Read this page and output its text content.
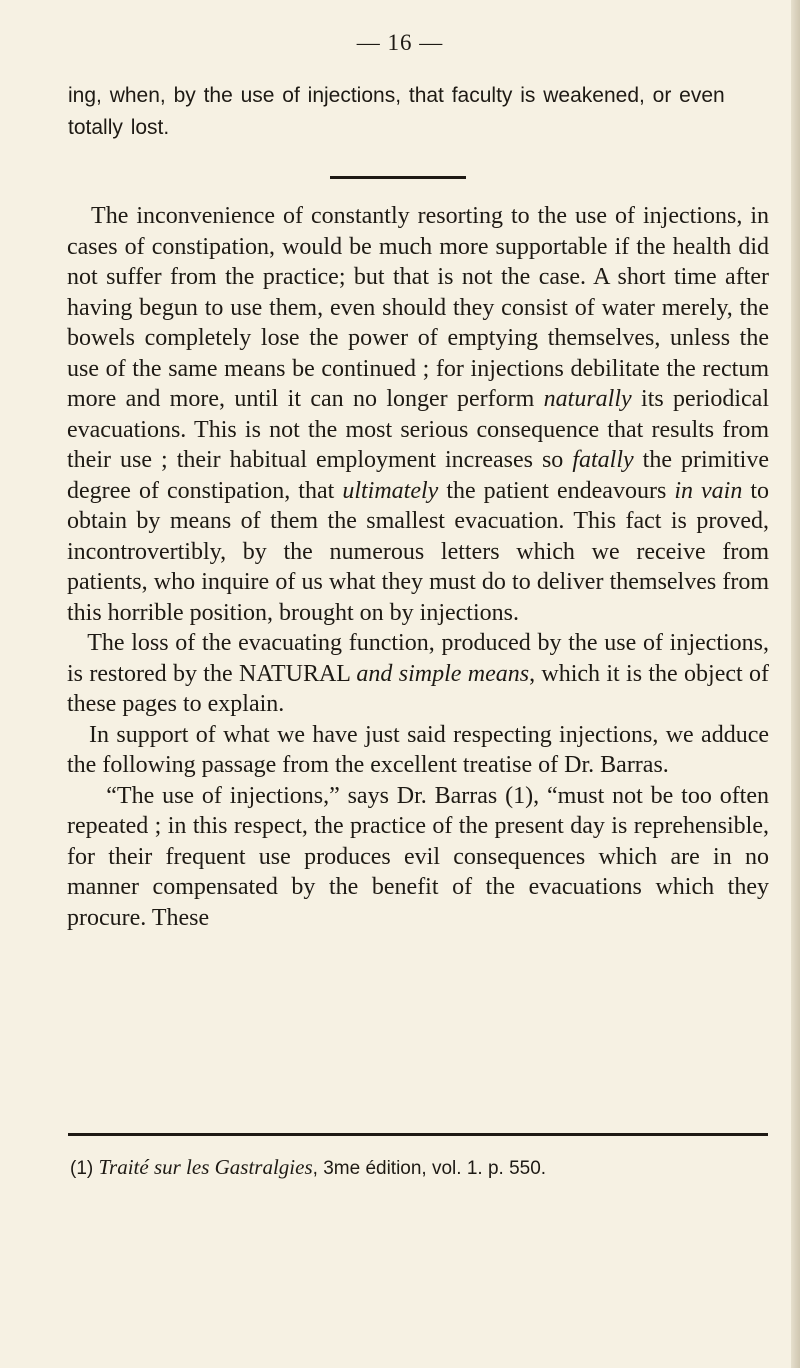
— 16 —
ing, when, by the use of injections, that faculty is weakened, or even totally lost.

The inconvenience of constantly resorting to the use of injections, in cases of constipation, would be much more supportable if the health did not suffer from the practice; but that is not the case. A short time after having begun to use them, even should they consist of water merely, the bowels completely lose the power of emptying themselves, unless the use of the same means be continued ; for injections debilitate the rectum more and more, until it can no longer perform naturally its periodical evacuations. This is not the most serious consequence that results from their use ; their habitual employment increases so fatally the primitive degree of constipation, that ultimately the patient endeavours in vain to obtain by means of them the smallest evacuation. This fact is proved, incontrovertibly, by the numerous letters which we receive from patients, who inquire of us what they must do to deliver themselves from this horrible position, brought on by injections.

The loss of the evacuating function, produced by the use of injections, is restored by the NATURAL and simple means, which it is the object of these pages to explain.

In support of what we have just said respecting injections, we adduce the following passage from the excellent treatise of Dr. Barras.

“The use of injections,” says Dr. Barras (1), “must not be too often repeated ; in this respect, the practice of the present day is reprehensible, for their frequent use produces evil consequences which are in no manner compensated by the benefit of the evacuations which they procure. These

(1) Traité sur les Gastralgies, 3me édition, vol. 1. p. 550.
